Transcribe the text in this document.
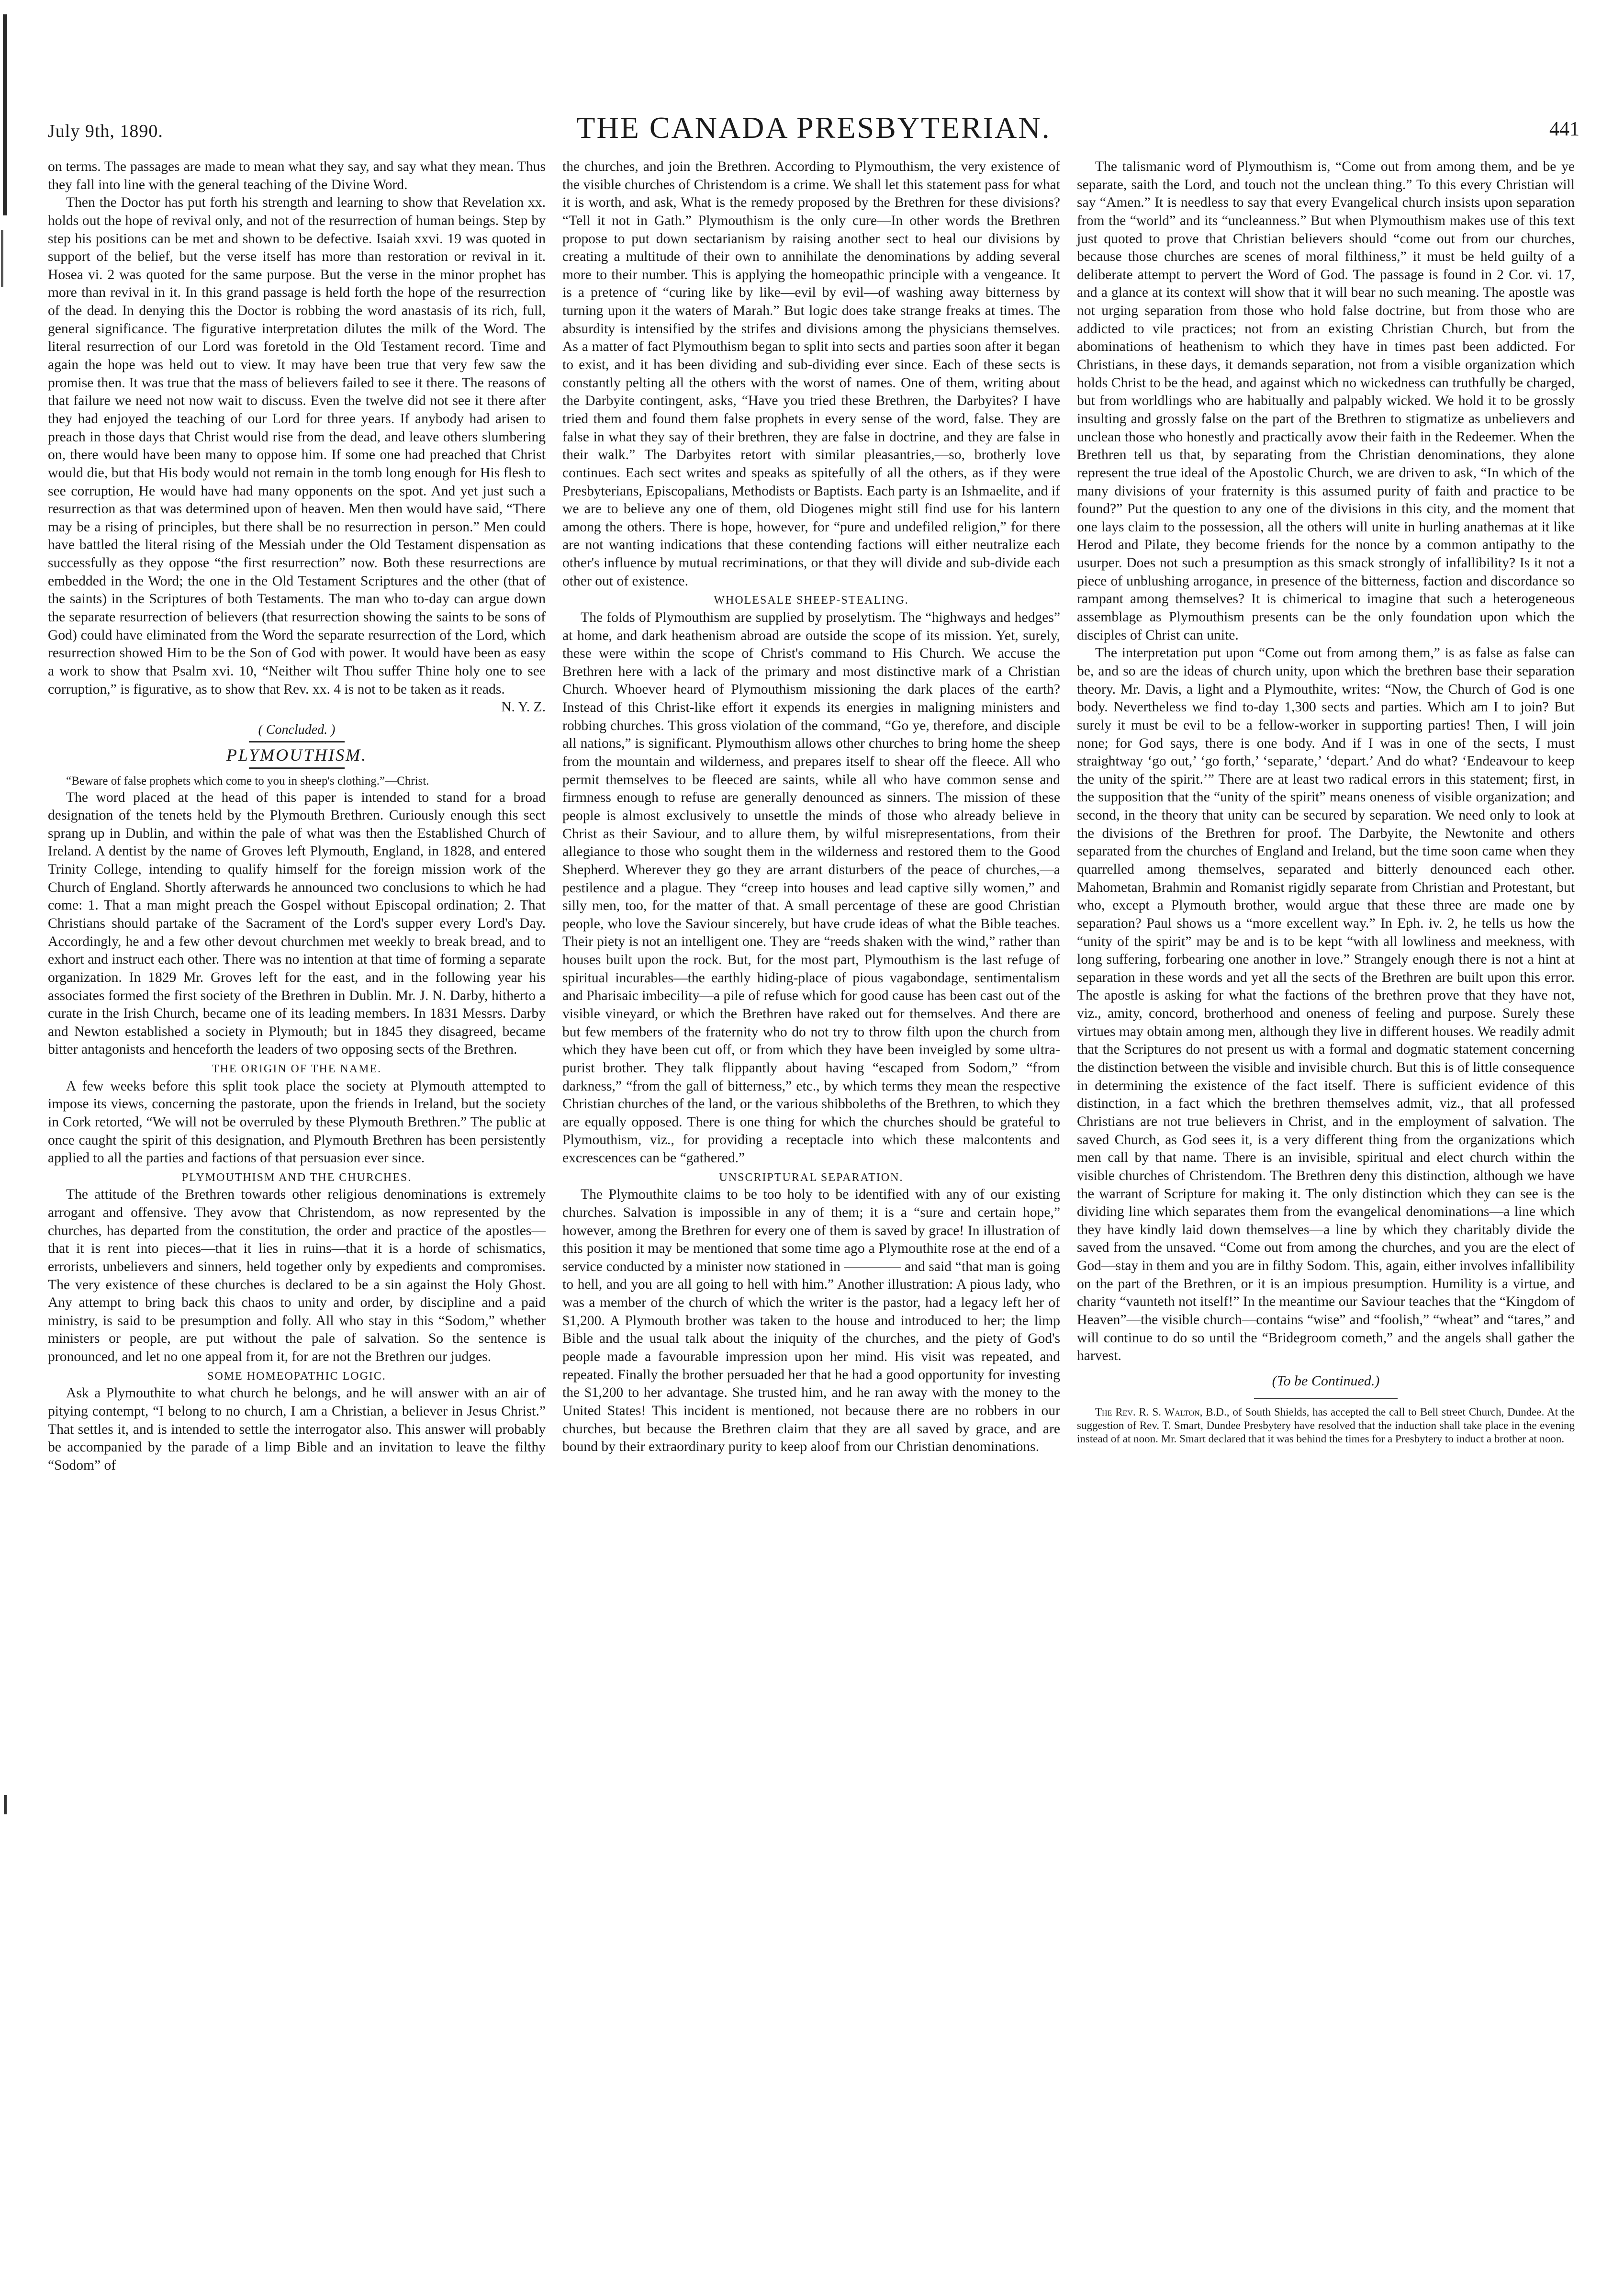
July 9th, 1890.	THE CANADA PRESBYTERIAN.	441

on terms. The passages are made to mean what they say, and say what they mean. Thus they fall into line with the general teaching of the Divine Word.

Then the Doctor has put forth his strength and learning to show that Revelation xx. holds out the hope of revival only, and not of the resurrection of human beings. Step by step his positions can be met and shown to be defective. Isaiah xxvi. 19 was quoted in support of the belief, but the verse itself has more than restoration or revival in it. Hosea vi. 2 was quoted for the same purpose. But the verse in the minor prophet has more than revival in it. In this grand passage is held forth the hope of the resurrection of the dead. In denying this the Doctor is robbing the word anastasis of its rich, full, general significance. The figurative interpretation dilutes the milk of the Word. The literal resurrection of our Lord was foretold in the Old Testament record. Time and again the hope was held out to view. It may have been true that very few saw the promise then. It was true that the mass of believers failed to see it there. The reasons of that failure we need not now wait to discuss. Even the twelve did not see it there after they had enjoyed the teaching of our Lord for three years. If anybody had arisen to preach in those days that Christ would rise from the dead, and leave others slumbering on, there would have been many to oppose him. If some one had preached that Christ would die, but that His body would not remain in the tomb long enough for His flesh to see corruption, He would have had many opponents on the spot. And yet just such a resurrection as that was determined upon of heaven. Men then would have said, “There may be a rising of principles, but there shall be no resurrection in person.” Men could have battled the literal rising of the Messiah under the Old Testament dispensation as successfully as they oppose “the first resurrection” now. Both these resurrections are embedded in the Word; the one in the Old Testament Scriptures and the other (that of the saints) in the Scriptures of both Testaments. The man who to-day can argue down the separate resurrection of believers (that resurrection showing the saints to be sons of God) could have eliminated from the Word the separate resurrection of the Lord, which resurrection showed Him to be the Son of God with power. It would have been as easy a work to show that Psalm xvi. 10, “Neither wilt Thou suffer Thine holy one to see corruption,” is figurative, as to show that Rev. xx. 4 is not to be taken as it reads.

N. Y. Z.
( Concluded. )
PLYMOUTHISM.

“Beware of false prophets which come to you in sheep's clothing.”—Christ.

The word placed at the head of this paper is intended to stand for a broad designation of the tenets held by the Plymouth Brethren. Curiously enough this sect sprang up in Dublin, and within the pale of what was then the Established Church of Ireland. A dentist by the name of Groves left Plymouth, England, in 1828, and entered Trinity College, intending to qualify himself for the foreign mission work of the Church of England. Shortly afterwards he announced two conclusions to which he had come: 1. That a man might preach the Gospel without Episcopal ordination; 2. That Christians should partake of the Sacrament of the Lord's supper every Lord's Day. Accordingly, he and a few other devout churchmen met weekly to break bread, and to exhort and instruct each other. There was no intention at that time of forming a separate organization. In 1829 Mr. Groves left for the east, and in the following year his associates formed the first society of the Brethren in Dublin. Mr. J. N. Darby, hitherto a curate in the Irish Church, became one of its leading members. In 1831 Messrs. Darby and Newton established a society in Plymouth; but in 1845 they disagreed, became bitter antagonists and henceforth the leaders of two opposing sects of the Brethren.

THE ORIGIN OF THE NAME.

A few weeks before this split took place the society at Plymouth attempted to impose its views, concerning the pastorate, upon the friends in Ireland, but the society in Cork retorted, “We will not be overruled by these Plymouth Brethren.” The public at once caught the spirit of this designation, and Plymouth Brethren has been persistently applied to all the parties and factions of that persuasion ever since.

PLYMOUTHISM AND THE CHURCHES.

The attitude of the Brethren towards other religious denominations is extremely arrogant and offensive. They avow that Christendom, as now represented by the churches, has departed from the constitution, the order and practice of the apostles—that it is rent into pieces—that it lies in ruins—that it is a horde of schismatics, errorists, unbelievers and sinners, held together only by expedients and compromises. The very existence of these churches is declared to be a sin against the Holy Ghost. Any attempt to bring back this chaos to unity and order, by discipline and a paid ministry, is said to be presumption and folly. All who stay in this “Sodom,” whether ministers or people, are put without the pale of salvation. So the sentence is pronounced, and let no one appeal from it, for are not the Brethren our judges.

SOME HOMEOPATHIC LOGIC.

Ask a Plymouthite to what church he belongs, and he will answer with an air of pitying contempt, “I belong to no church, I am a Christian, a believer in Jesus Christ.” That settles it, and is intended to settle the interrogator also. This answer will probably be accompanied by the parade of a limp Bible and an invitation to leave the filthy “Sodom” of

the churches, and join the Brethren. According to Plymouthism, the very existence of the visible churches of Christendom is a crime. We shall let this statement pass for what it is worth, and ask, What is the remedy proposed by the Brethren for these divisions? “Tell it not in Gath.” Plymouthism is the only cure—In other words the Brethren propose to put down sectarianism by raising another sect to heal our divisions by creating a multitude of their own to annihilate the denominations by adding several more to their number. This is applying the homeopathic principle with a vengeance. It is a pretence of “curing like by like—evil by evil—of washing away bitterness by turning upon it the waters of Marah.” But logic does take strange freaks at times. The absurdity is intensified by the strifes and divisions among the physicians themselves. As a matter of fact Plymouthism began to split into sects and parties soon after it began to exist, and it has been dividing and sub-dividing ever since. Each of these sects is constantly pelting all the others with the worst of names. One of them, writing about the Darbyite contingent, asks, “Have you tried these Brethren, the Darbyites? I have tried them and found them false prophets in every sense of the word, false. They are false in what they say of their brethren, they are false in doctrine, and they are false in their walk.” The Darbyites retort with similar pleasantries,—so, brotherly love continues. Each sect writes and speaks as spitefully of all the others, as if they were Presbyterians, Episcopalians, Methodists or Baptists. Each party is an Ishmaelite, and if we are to believe any one of them, old Diogenes might still find use for his lantern among the others. There is hope, however, for “pure and undefiled religion,” for there are not wanting indications that these contending factions will either neutralize each other's influence by mutual recriminations, or that they will divide and sub-divide each other out of existence.

WHOLESALE SHEEP-STEALING.

The folds of Plymouthism are supplied by proselytism. The “highways and hedges” at home, and dark heathenism abroad are outside the scope of its mission. Yet, surely, these were within the scope of Christ's command to His Church. We accuse the Brethren here with a lack of the primary and most distinctive mark of a Christian Church. Whoever heard of Plymouthism missioning the dark places of the earth? Instead of this Christ-like effort it expends its energies in maligning ministers and robbing churches. This gross violation of the command, “Go ye, therefore, and disciple all nations,” is significant. Plymouthism allows other churches to bring home the sheep from the mountain and wilderness, and prepares itself to shear off the fleece. All who permit themselves to be fleeced are saints, while all who have common sense and firmness enough to refuse are generally denounced as sinners. The mission of these people is almost exclusively to unsettle the minds of those who already believe in Christ as their Saviour, and to allure them, by wilful misrepresentations, from their allegiance to those who sought them in the wilderness and restored them to the Good Shepherd. Wherever they go they are arrant disturbers of the peace of churches,—a pestilence and a plague. They “creep into houses and lead captive silly women,” and silly men, too, for the matter of that. A small percentage of these are good Christian people, who love the Saviour sincerely, but have crude ideas of what the Bible teaches. Their piety is not an intelligent one. They are “reeds shaken with the wind,” rather than houses built upon the rock. But, for the most part, Plymouthism is the last refuge of spiritual incurables—the earthly hiding-place of pious vagabondage, sentimentalism and Pharisaic imbecility—a pile of refuse which for good cause has been cast out of the visible vineyard, or which the Brethren have raked out for themselves. And there are but few members of the fraternity who do not try to throw filth upon the church from which they have been cut off, or from which they have been inveigled by some ultra-purist brother. They talk flippantly about having “escaped from Sodom,” “from darkness,” “from the gall of bitterness,” etc., by which terms they mean the respective Christian churches of the land, or the various shibboleths of the Brethren, to which they are equally opposed. There is one thing for which the churches should be grateful to Plymouthism, viz., for providing a receptacle into which these malcontents and excrescences can be “gathered.”

UNSCRIPTURAL SEPARATION.

The Plymouthite claims to be too holy to be identified with any of our existing churches. Salvation is impossible in any of them; it is a “sure and certain hope,” however, among the Brethren for every one of them is saved by grace! In illustration of this position it may be mentioned that some time ago a Plymouthite rose at the end of a service conducted by a minister now stationed in ———— and said “that man is going to hell, and you are all going to hell with him.” Another illustration: A pious lady, who was a member of the church of which the writer is the pastor, had a legacy left her of $1,200. A Plymouth brother was taken to the house and introduced to her; the limp Bible and the usual talk about the iniquity of the churches, and the piety of God's people made a favourable impression upon her mind. His visit was repeated, and repeated. Finally the brother persuaded her that he had a good opportunity for investing the $1,200 to her advantage. She trusted him, and he ran away with the money to the United States! This incident is mentioned, not because there are no robbers in our churches, but because the Brethren claim that they are all saved by grace, and are bound by their extraordinary purity to keep aloof from our Christian denominations.

The talismanic word of Plymouthism is, “Come out from among them, and be ye separate, saith the Lord, and touch not the unclean thing.” To this every Christian will say “Amen.” It is needless to say that every Evangelical church insists upon separation from the “world” and its “uncleanness.” But when Plymouthism makes use of this text just quoted to prove that Christian believers should “come out from our churches, because those churches are scenes of moral filthiness,” it must be held guilty of a deliberate attempt to pervert the Word of God. The passage is found in 2 Cor. vi. 17, and a glance at its context will show that it will bear no such meaning. The apostle was not urging separation from those who hold false doctrine, but from those who are addicted to vile practices; not from an existing Christian Church, but from the abominations of heathenism to which they have in times past been addicted. For Christians, in these days, it demands separation, not from a visible organization which holds Christ to be the head, and against which no wickedness can truthfully be charged, but from worldlings who are habitually and palpably wicked. We hold it to be grossly insulting and grossly false on the part of the Brethren to stigmatize as unbelievers and unclean those who honestly and practically avow their faith in the Redeemer. When the Brethren tell us that, by separating from the Christian denominations, they alone represent the true ideal of the Apostolic Church, we are driven to ask, “In which of the many divisions of your fraternity is this assumed purity of faith and practice to be found?” Put the question to any one of the divisions in this city, and the moment that one lays claim to the possession, all the others will unite in hurling anathemas at it like Herod and Pilate, they become friends for the nonce by a common antipathy to the usurper. Does not such a presumption as this smack strongly of infallibility? Is it not a piece of unblushing arrogance, in presence of the bitterness, faction and discordance so rampant among themselves? It is chimerical to imagine that such a heterogeneous assemblage as Plymouthism presents can be the only foundation upon which the disciples of Christ can unite.

The interpretation put upon “Come out from among them,” is as false as false can be, and so are the ideas of church unity, upon which the brethren base their separation theory. Mr. Davis, a light and a Plymouthite, writes: “Now, the Church of God is one body. Nevertheless we find to-day 1,300 sects and parties. Which am I to join? But surely it must be evil to be a fellow-worker in supporting parties! Then, I will join none; for God says, there is one body. And if I was in one of the sects, I must straightway ‘go out,’ ‘go forth,’ ‘separate,’ ‘depart.’ And do what? ‘Endeavour to keep the unity of the spirit.’” There are at least two radical errors in this statement; first, in the supposition that the “unity of the spirit” means oneness of visible organization; and second, in the theory that unity can be secured by separation. We need only to look at the divisions of the Brethren for proof. The Darbyite, the Newtonite and others separated from the churches of England and Ireland, but the time soon came when they quarrelled among themselves, separated and bitterly denounced each other. Mahometan, Brahmin and Romanist rigidly separate from Christian and Protestant, but who, except a Plymouth brother, would argue that these three are made one by separation? Paul shows us a “more excellent way.” In Eph. iv. 2, he tells us how the “unity of the spirit” may be and is to be kept “with all lowliness and meekness, with long suffering, forbearing one another in love.” Strangely enough there is not a hint at separation in these words and yet all the sects of the Brethren are built upon this error. The apostle is asking for what the factions of the brethren prove that they have not, viz., amity, concord, brotherhood and oneness of feeling and purpose. Surely these virtues may obtain among men, although they live in different houses. We readily admit that the Scriptures do not present us with a formal and dogmatic statement concerning the distinction between the visible and invisible church. But this is of little consequence in determining the existence of the fact itself. There is sufficient evidence of this distinction, in a fact which the brethren themselves admit, viz., that all professed Christians are not true believers in Christ, and in the employment of salvation. The saved Church, as God sees it, is a very different thing from the organizations which men call by that name. There is an invisible, spiritual and elect church within the visible churches of Christendom. The Brethren deny this distinction, although we have the warrant of Scripture for making it. The only distinction which they can see is the dividing line which separates them from the evangelical denominations—a line which they have kindly laid down themselves—a line by which they charitably divide the saved from the unsaved. “Come out from among the churches, and you are the elect of God—stay in them and you are in filthy Sodom. This, again, either involves infallibility on the part of the Brethren, or it is an impious presumption. Humility is a virtue, and charity “vaunteth not itself!” In the meantime our Saviour teaches that the “Kingdom of Heaven”—the visible church—contains “wise” and “foolish,” “wheat” and “tares,” and will continue to do so until the “Bridegroom cometh,” and the angels shall gather the harvest.

(To be Continued.)

The Rev. R. S. Walton, B.D., of South Shields, has accepted the call to Bell street Church, Dundee. At the suggestion of Rev. T. Smart, Dundee Presbytery have resolved that the induction shall take place in the evening instead of at noon. Mr. Smart declared that it was behind the times for a Presbytery to induct a brother at noon.
